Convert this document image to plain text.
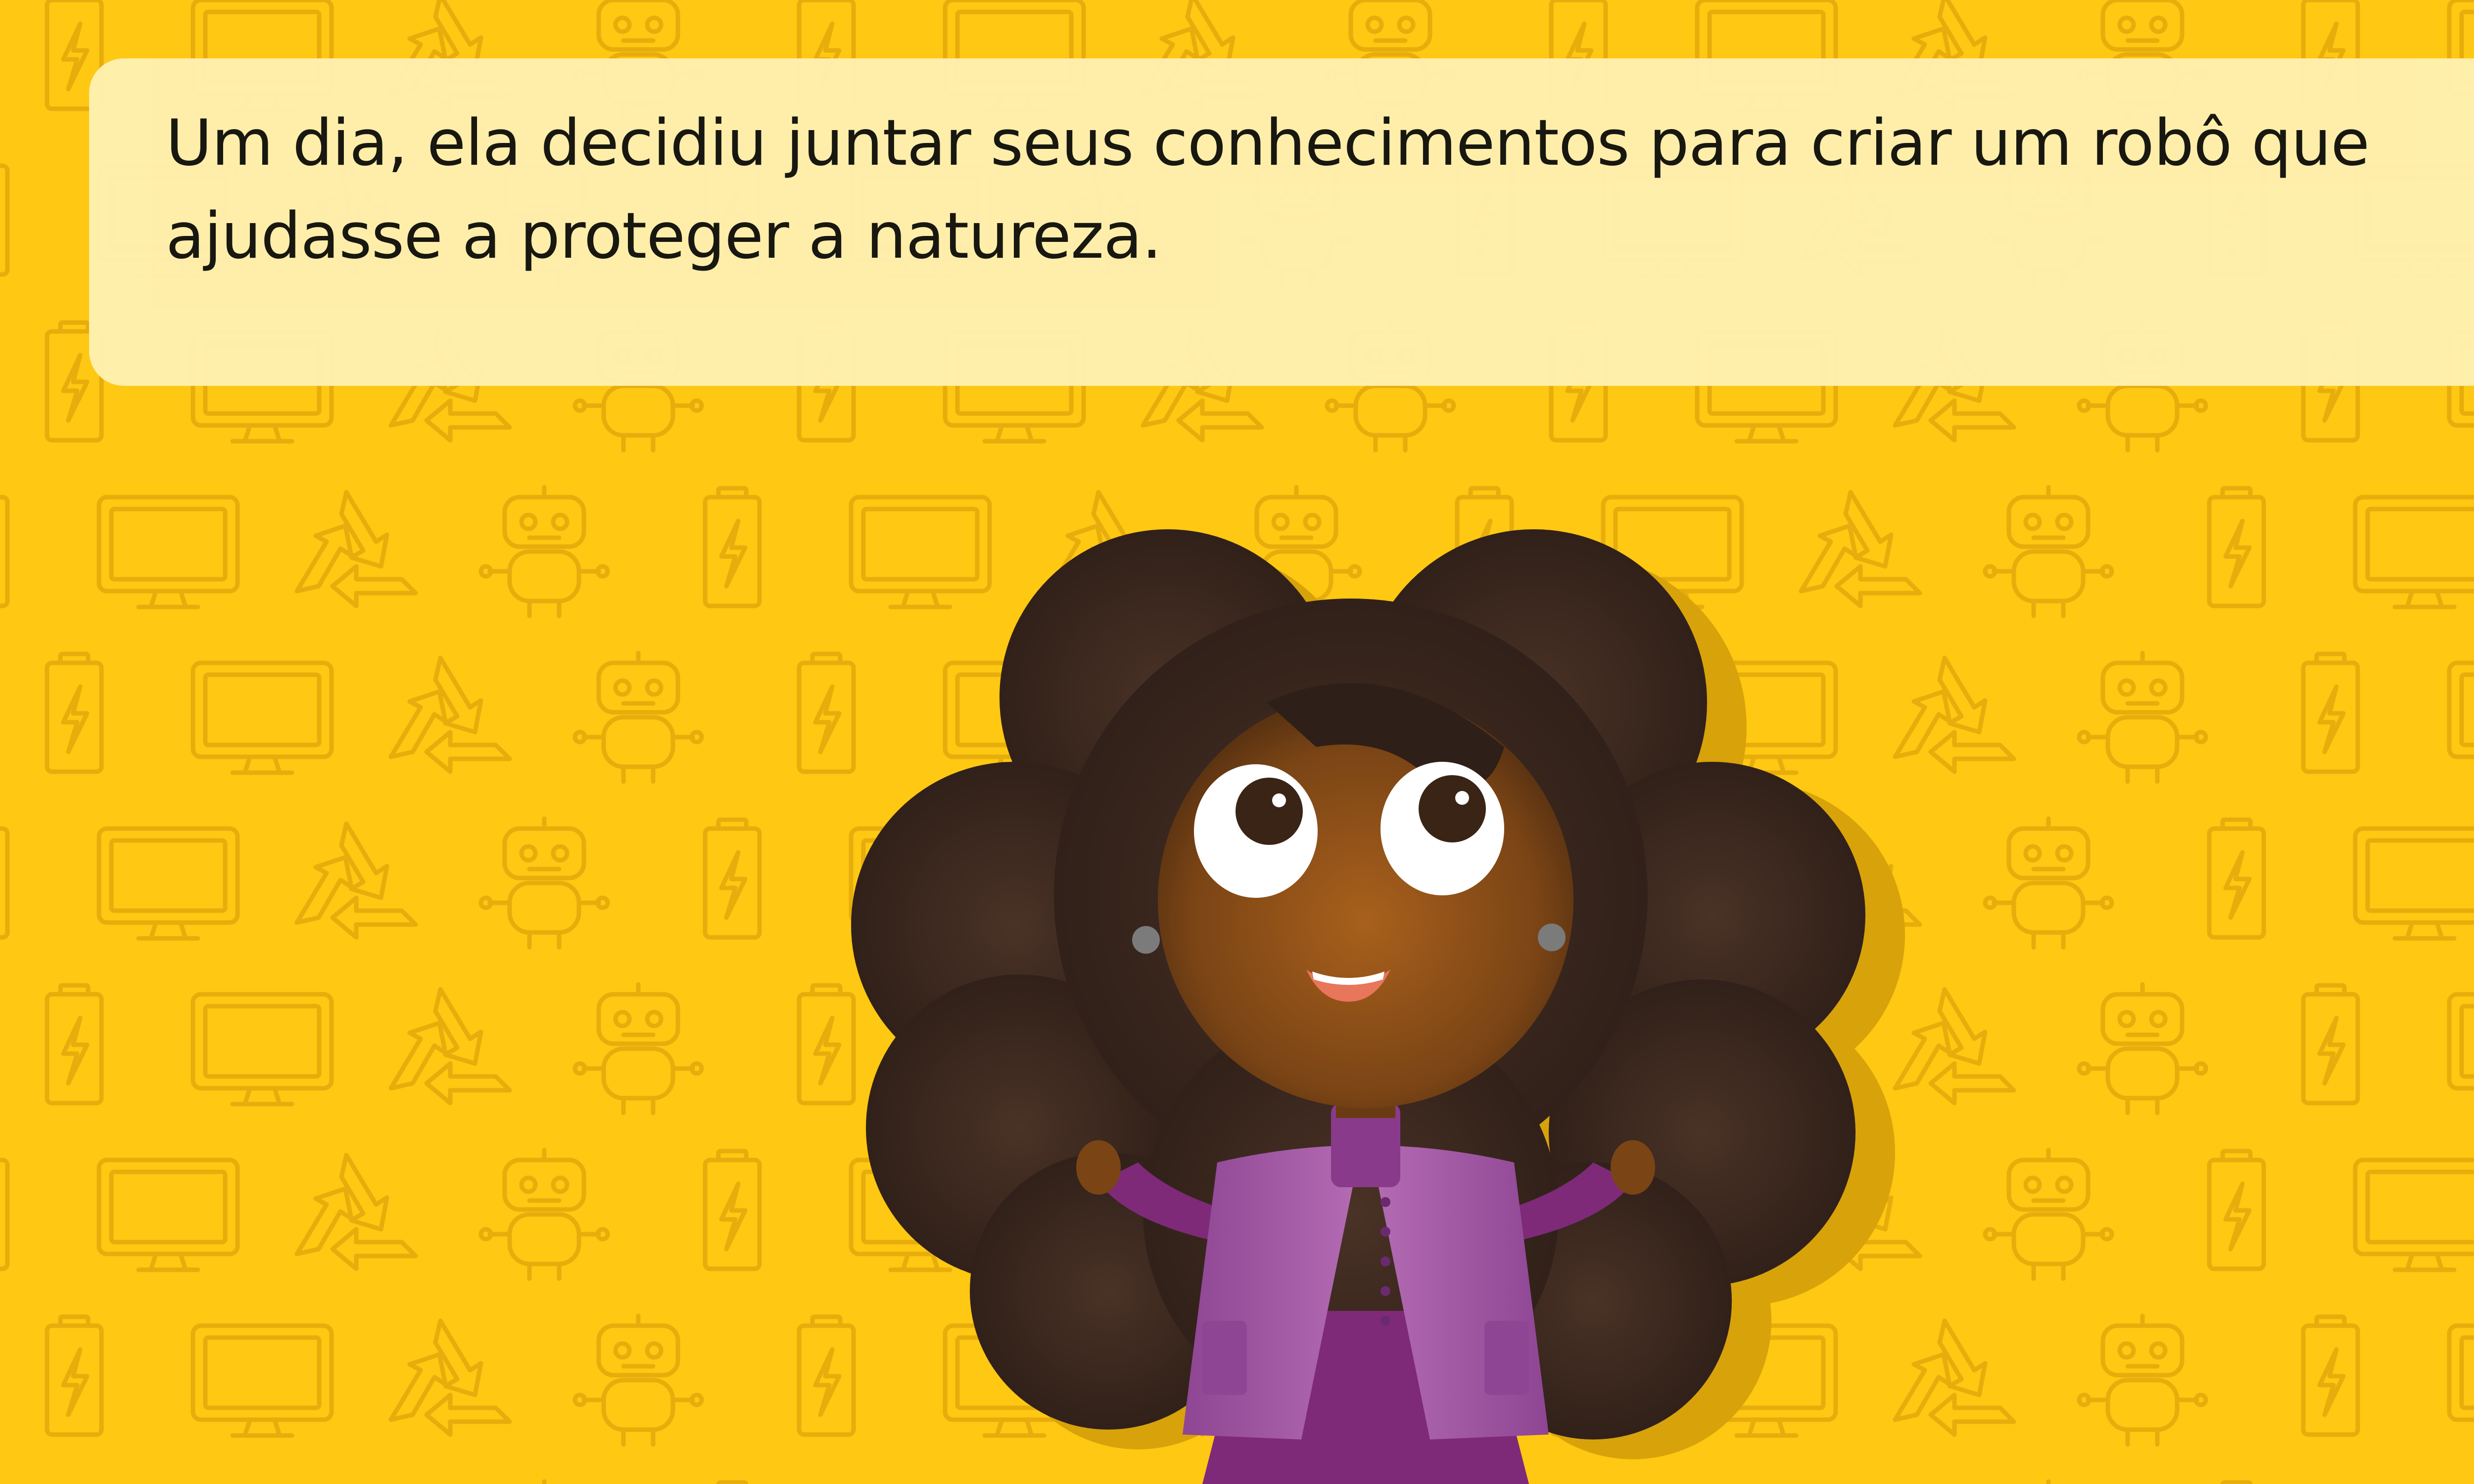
Um dia, ela decidiu juntar seus conhecimentos para criar um robô que ajudasse a proteger a natureza.
